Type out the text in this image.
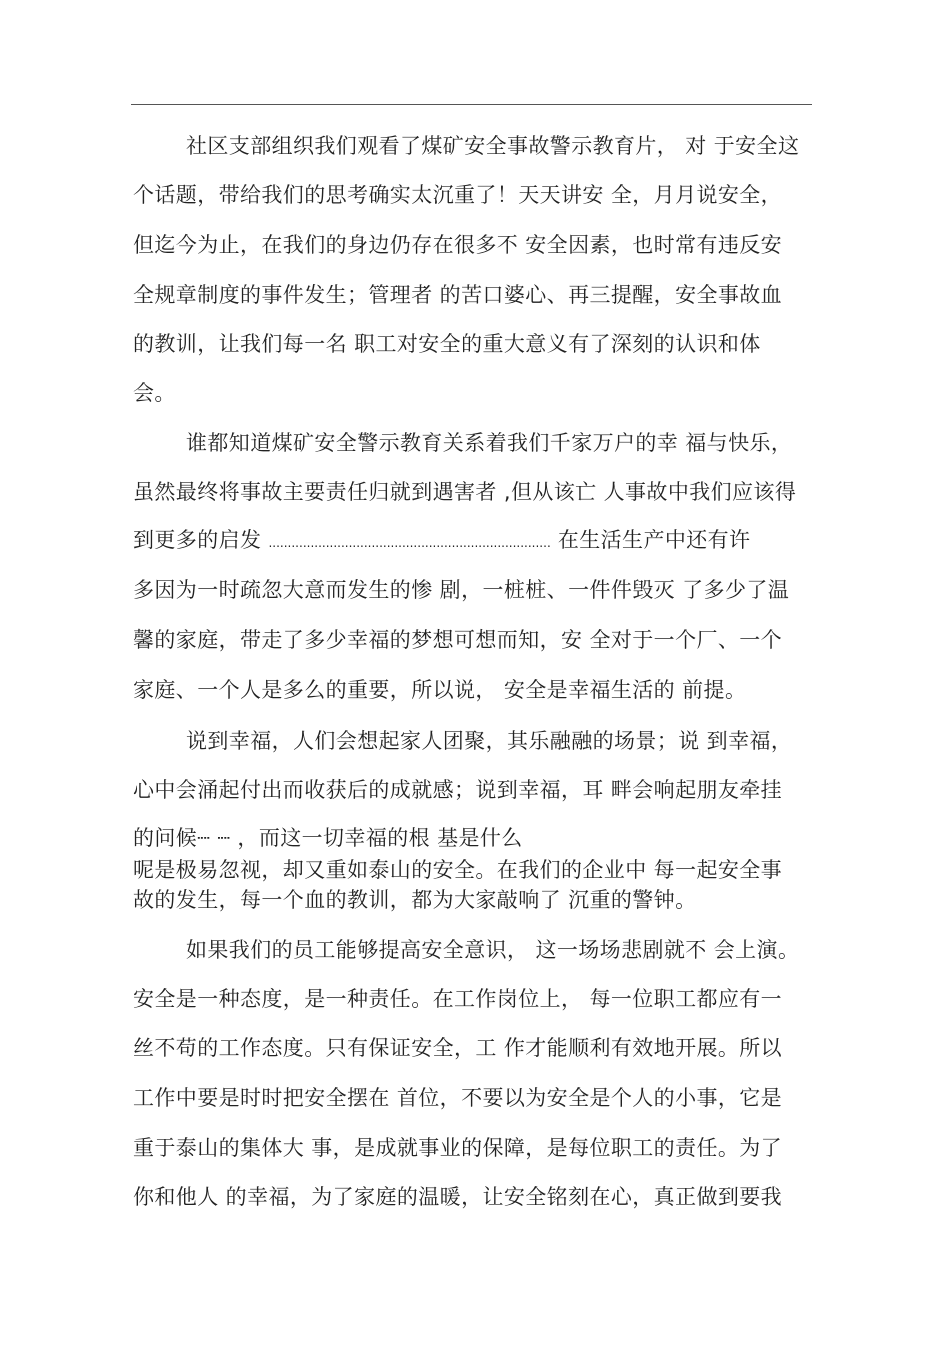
社区支部组织我们观看了煤矿安全事故警示教育片， 对 于安全这
个话题，带给我们的思考确实太沉重了！天天讲安 全，月月说安全，
但迄今为止，在我们的身边仍存在很多不 安全因素，也时常有违反安
全规章制度的事件发生；管理者 的苦口婆心、再三提醒，安全事故血
的教训，让我们每一名 职工对安全的重大意义有了深刻的认识和体
会。
谁都知道煤矿安全警示教育关系着我们千家万户的幸 福与快乐，
虽然最终将事故主要责任归就到遇害者 ,但从该亡 人事故中我们应该得
到更多的启发 .......................................................................... 在生活生产中还有许
多因为一时疏忽大意而发生的惨 剧，一桩桩、一件件毁灭 了多少了温
馨的家庭，带走了多少幸福的梦想可想而知，安 全对于一个厂、一个
家庭、一个人是多么的重要，所以说， 安全是幸福生活的 前提。
说到幸福，人们会想起家人团聚，其乐融融的场景；说 到幸福，
心中会涌起付出而收获后的成就感；说到幸福，耳 畔会响起朋友牵挂
的问候┈ ┈ ，而这一切幸福的根 基是什么
呢是极易忽视，却又重如泰山的安全。在我们的企业中 每一起安全事
故的发生，每一个血的教训，都为大家敲响了 沉重的警钟。
如果我们的员工能够提高安全意识， 这一场场悲剧就不 会上演。
安全是一种态度，是一种责任。在工作岗位上， 每一位职工都应有一
丝不苟的工作态度。只有保证安全，工 作才能顺利有效地开展。所以
工作中要是时时把安全摆在 首位，不要以为安全是个人的小事，它是
重于泰山的集体大 事，是成就事业的保障，是每位职工的责任。为了
你和他人 的幸福，为了家庭的温暖，让安全铭刻在心，真正做到要我
